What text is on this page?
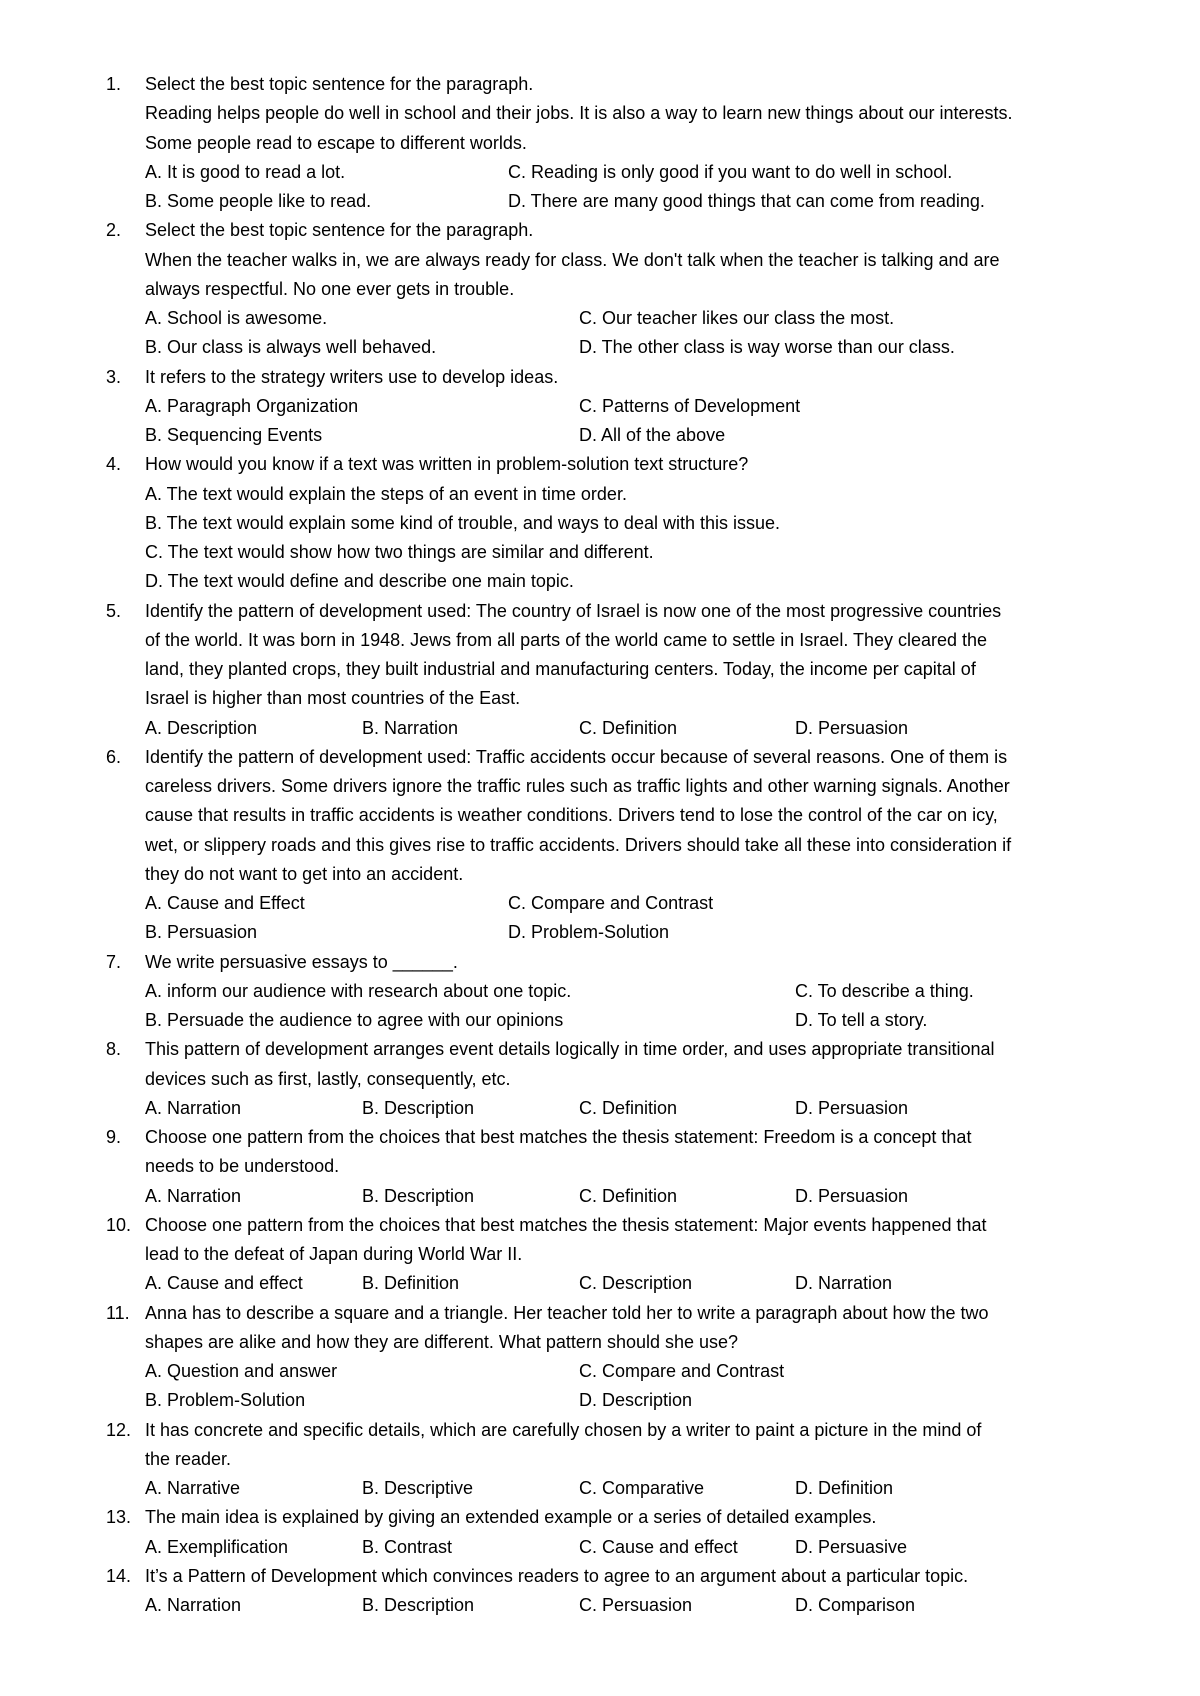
1.	Select the best topic sentence for the paragraph.
Reading helps people do well in school and their jobs. It is also a way to learn new things about our interests.
Some people read to escape to different worlds.
A. It is good to read a lot.	C. Reading is only good if you want to do well in school.
B. Some people like to read.	D. There are many good things that can come from reading.
2.	Select the best topic sentence for the paragraph.
When the teacher walks in, we are always ready for class. We don't talk when the teacher is talking and are
always respectful. No one ever gets in trouble.
A. School is awesome.	C. Our teacher likes our class the most.
B. Our class is always well behaved.	D. The other class is way worse than our class.
3.	It refers to the strategy writers use to develop ideas.
A. Paragraph Organization	C. Patterns of Development
B. Sequencing Events	D. All of the above
4.	How would you know if a text was written in problem-solution text structure?
A. The text would explain the steps of an event in time order.
B. The text would explain some kind of trouble, and ways to deal with this issue.
C. The text would show how two things are similar and different.
D. The text would define and describe one main topic.
5.	Identify the pattern of development used: The country of Israel is now one of the most progressive countries
of the world. It was born in 1948. Jews from all parts of the world came to settle in Israel. They cleared the
land, they planted crops, they built industrial and manufacturing centers. Today, the income per capital of
Israel is higher than most countries of the East.
A. Description	B. Narration	C. Definition	D. Persuasion
6.	Identify the pattern of development used: Traffic accidents occur because of several reasons. One of them is
careless drivers. Some drivers ignore the traffic rules such as traffic lights and other warning signals. Another
cause that results in traffic accidents is weather conditions. Drivers tend to lose the control of the car on icy,
wet, or slippery roads and this gives rise to traffic accidents. Drivers should take all these into consideration if
they do not want to get into an accident.
A. Cause and Effect	C. Compare and Contrast
B. Persuasion	D. Problem-Solution
7.	We write persuasive essays to ______.
A. inform our audience with research about one topic.	C. To describe a thing.
B. Persuade the audience to agree with our opinions	D. To tell a story.
8.	This pattern of development arranges event details logically in time order, and uses appropriate transitional
devices such as first, lastly, consequently, etc.
A. Narration	B. Description	C. Definition	D. Persuasion
9.	Choose one pattern from the choices that best matches the thesis statement: Freedom is a concept that
needs to be understood.
A. Narration	B. Description	C. Definition	D. Persuasion
10. Choose one pattern from the choices that best matches the thesis statement: Major events happened that
lead to the defeat of Japan during World War II.
A. Cause and effect	B. Definition	C. Description	D. Narration
11. Anna has to describe a square and a triangle. Her teacher told her to write a paragraph about how the two
shapes are alike and how they are different. What pattern should she use?
A. Question and answer	C. Compare and Contrast
B. Problem-Solution	D. Description
12. It has concrete and specific details, which are carefully chosen by a writer to paint a picture in the mind of
the reader.
A. Narrative	B. Descriptive	C. Comparative	D. Definition
13. The main idea is explained by giving an extended example or a series of detailed examples.
A. Exemplification	B. Contrast	C. Cause and effect	D. Persuasive
14. It’s a Pattern of Development which convinces readers to agree to an argument about a particular topic.
A. Narration	B. Description	C. Persuasion	D. Comparison
